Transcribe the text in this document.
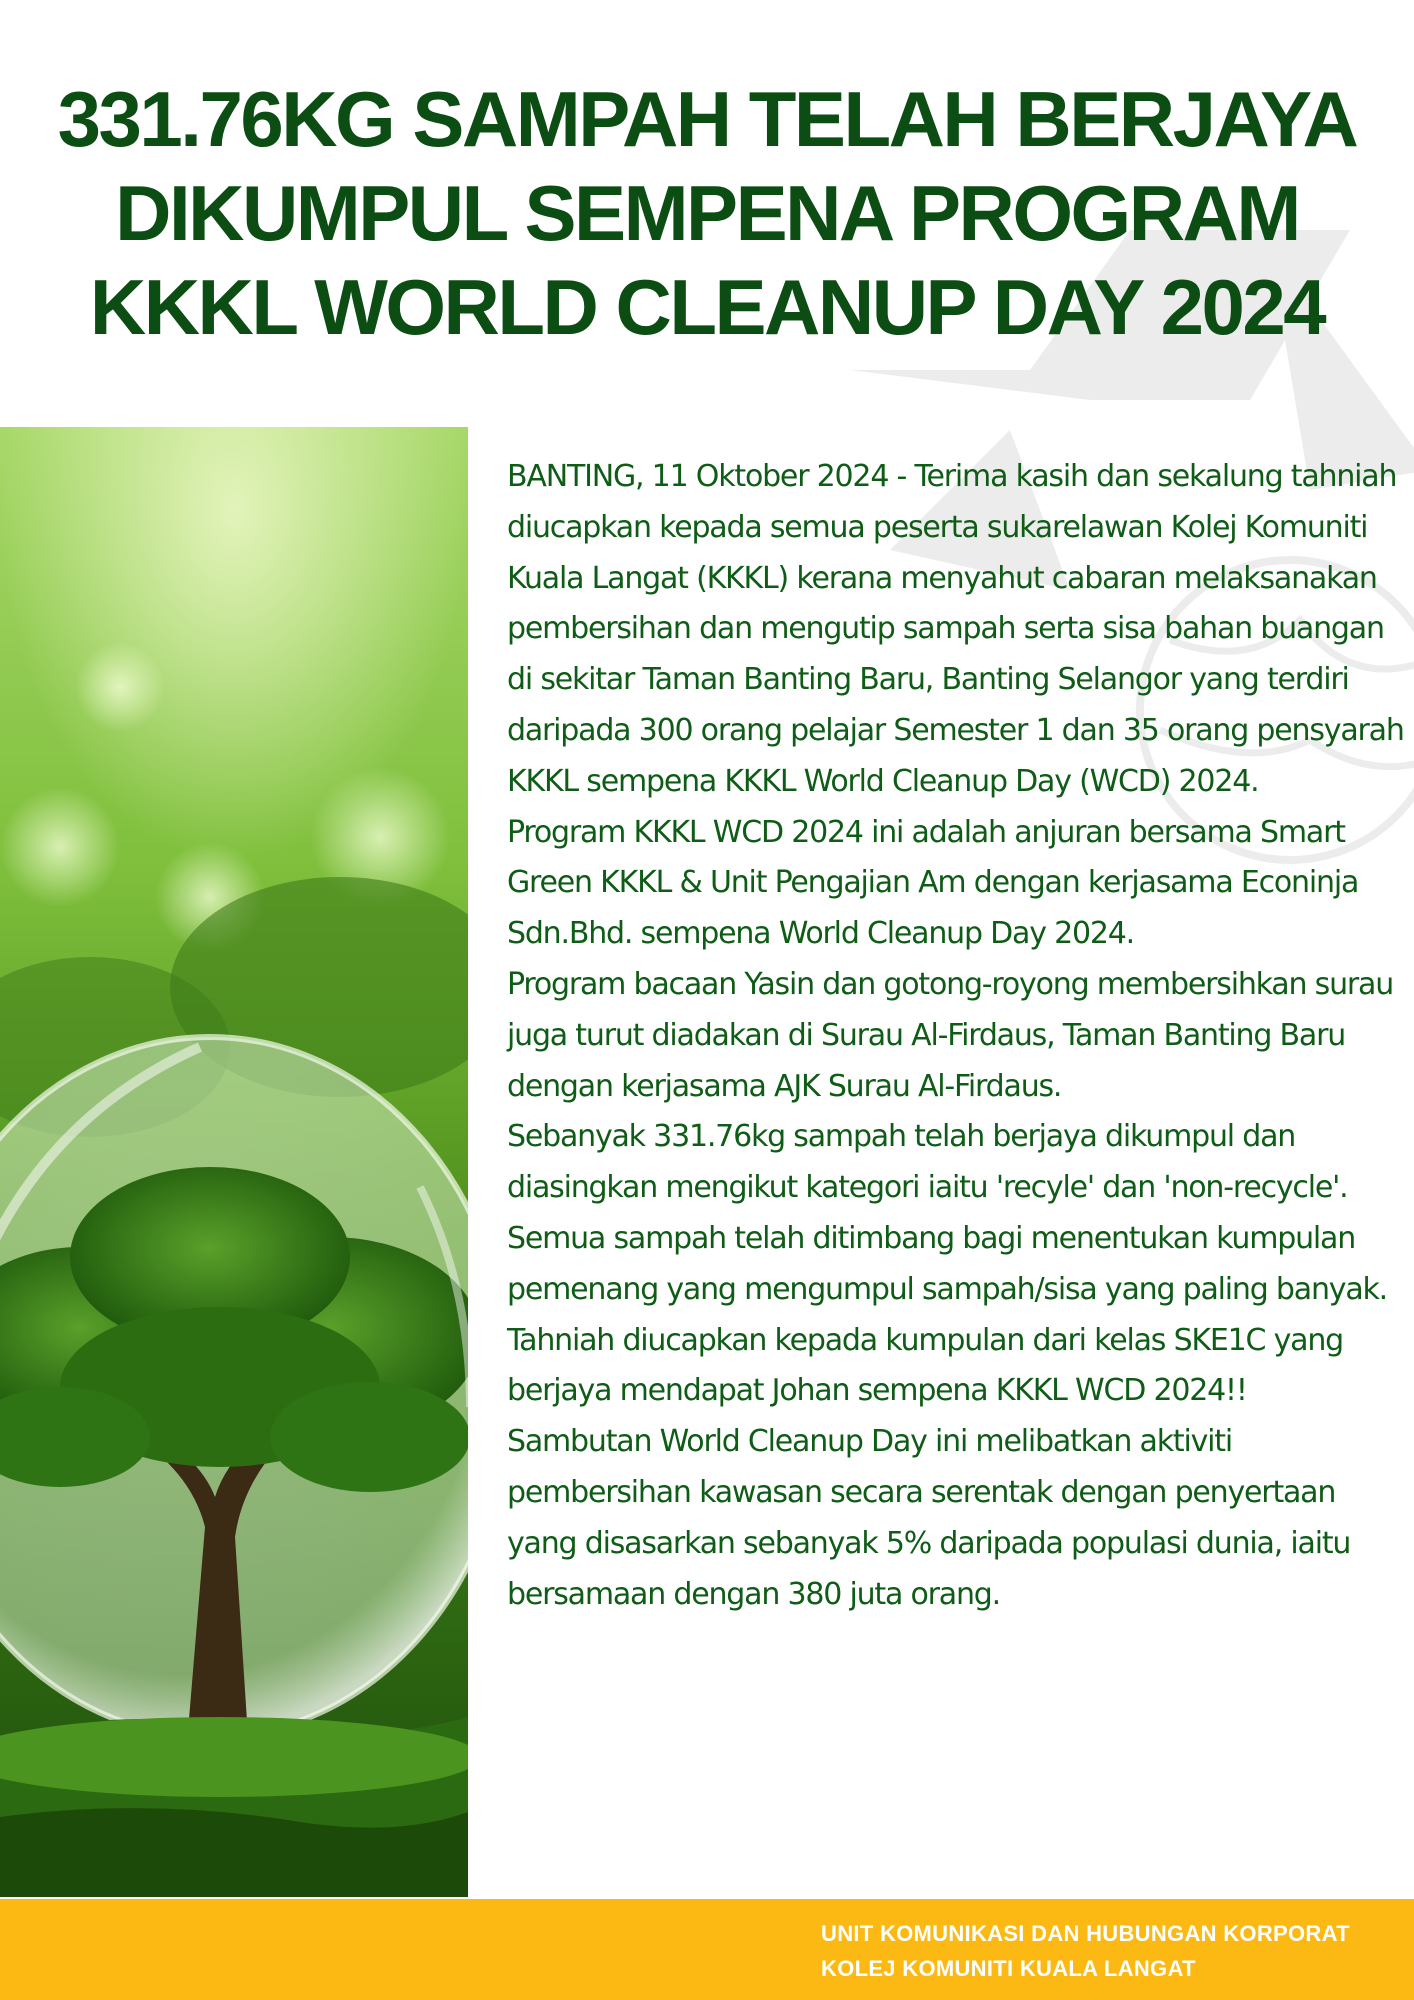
331.76KG SAMPAH TELAH BERJAYA
DIKUMPUL SEMPENA PROGRAM
KKKL WORLD CLEANUP DAY 2024

BANTING, 11 Oktober 2024 - Terima kasih dan sekalung tahniah diucapkan kepada semua peserta sukarelawan Kolej Komuniti Kuala Langat (KKKL) kerana menyahut cabaran melaksanakan pembersihan dan mengutip sampah serta sisa bahan buangan di sekitar Taman Banting Baru, Banting Selangor yang terdiri daripada 300 orang pelajar Semester 1 dan 35 orang pensyarah KKKL sempena KKKL World Cleanup Day (WCD) 2024.

Program KKKL WCD 2024 ini adalah anjuran bersama Smart Green KKKL & Unit Pengajian Am dengan kerjasama Econinja Sdn.Bhd. sempena World Cleanup Day 2024.

Program bacaan Yasin dan gotong-royong membersihkan surau juga turut diadakan di Surau Al-Firdaus, Taman Banting Baru dengan kerjasama AJK Surau Al-Firdaus.

Sebanyak 331.76kg sampah telah berjaya dikumpul dan diasingkan mengikut kategori iaitu 'recyle' dan 'non-recycle'. Semua sampah telah ditimbang bagi menentukan kumpulan pemenang yang mengumpul sampah/sisa yang paling banyak. Tahniah diucapkan kepada kumpulan dari kelas SKE1C yang berjaya mendapat Johan sempena KKKL WCD 2024!!

Sambutan World Cleanup Day ini melibatkan aktiviti pembersihan kawasan secara serentak dengan penyertaan yang disasarkan sebanyak 5% daripada populasi dunia, iaitu bersamaan dengan 380 juta orang.

UNIT KOMUNIKASI DAN HUBUNGAN KORPORAT
KOLEJ KOMUNITI KUALA LANGAT
